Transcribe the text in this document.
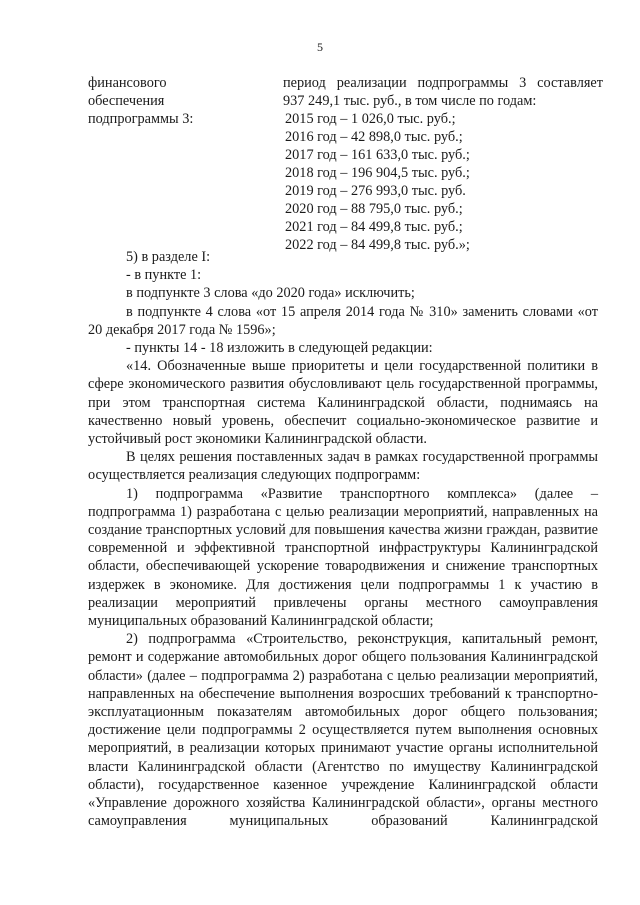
5
финансового
обеспечения
подпрограммы 3:
период реализации подпрограммы 3 составляет
937 249,1 тыс. руб., в том числе по годам:
2015 год – 1 026,0 тыс. руб.;
2016 год – 42 898,0 тыс. руб.;
2017 год – 161 633,0 тыс. руб.;
2018 год – 196 904,5 тыс. руб.;
2019 год – 276 993,0 тыс. руб.
2020 год – 88 795,0 тыс. руб.;
2021 год – 84 499,8 тыс. руб.;
2022 год – 84 499,8 тыс. руб.»;

5) в разделе I:

- в пункте 1:

в подпункте 3 слова «до 2020 года» исключить;

в подпункте 4 слова «от 15 апреля 2014 года № 310» заменить словами «от 20 декабря 2017 года № 1596»;

- пункты 14 - 18 изложить в следующей редакции:

«14. Обозначенные выше приоритеты и цели государственной политики в сфере экономического развития обусловливают цель государственной программы, при этом транспортная система Калининградской области, поднимаясь на качественно новый уровень, обеспечит социально-экономическое развитие и устойчивый рост экономики Калининградской области.

В целях решения поставленных задач в рамках государственной программы осуществляется реализация следующих подпрограмм:

1) подпрограмма «Развитие транспортного комплекса» (далее – подпрограмма 1) разработана с целью реализации мероприятий, направленных на создание транспортных условий для повышения качества жизни граждан, развитие современной и эффективной транспортной инфраструктуры Калининградской области, обеспечивающей ускорение товародвижения и снижение транспортных издержек в экономике. Для достижения цели подпрограммы 1 к участию в реализации мероприятий привлечены органы местного самоуправления муниципальных образований Калининградской области;

2) подпрограмма «Строительство, реконструкция, капитальный ремонт, ремонт и содержание автомобильных дорог общего пользования Калининградской области» (далее – подпрограмма 2) разработана с целью реализации мероприятий, направленных на обеспечение выполнения возросших требований к транспортно-эксплуатационным показателям автомобильных дорог общего пользования; достижение цели подпрограммы 2 осуществляется путем выполнения основных мероприятий, в реализации которых принимают участие органы исполнительной власти Калининградской области (Агентство по имуществу Калининградской области), государственное казенное учреждение Калининградской области «Управление дорожного хозяйства Калининградской области», органы местного самоуправления муниципальных образований Калининградской
